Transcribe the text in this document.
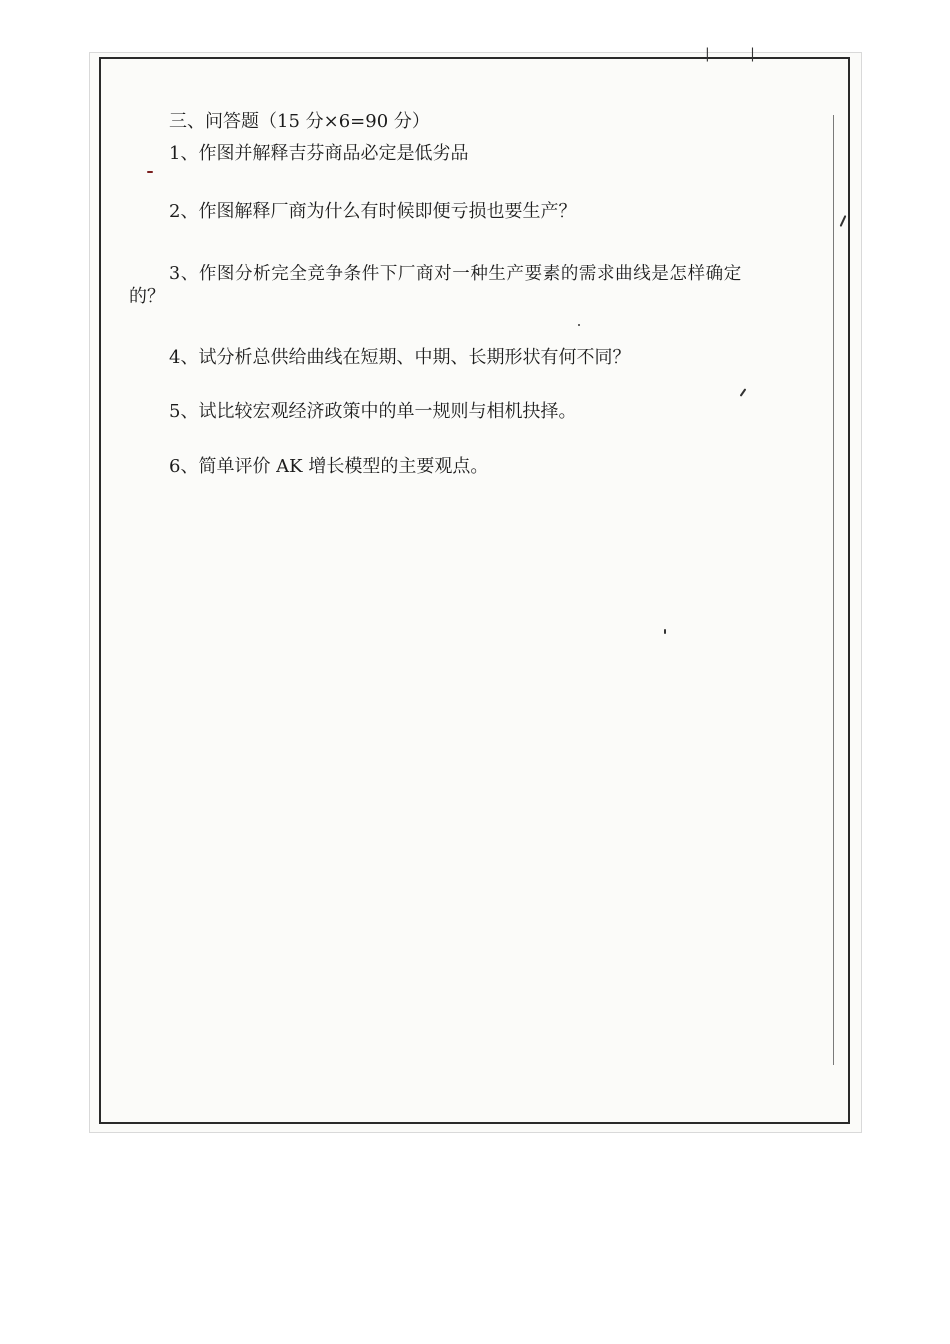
| |
三、问答题（15 分×6=90 分）
1、作图并解释吉芬商品必定是低劣品
2、作图解释厂商为什么有时候即便亏损也要生产？
3、作图分析完全竞争条件下厂商对一种生产要素的需求曲线是怎样确定
的？
4、试分析总供给曲线在短期、中期、长期形状有何不同？
5、试比较宏观经济政策中的单一规则与相机抉择。
6、简单评价 AK 增长模型的主要观点。
